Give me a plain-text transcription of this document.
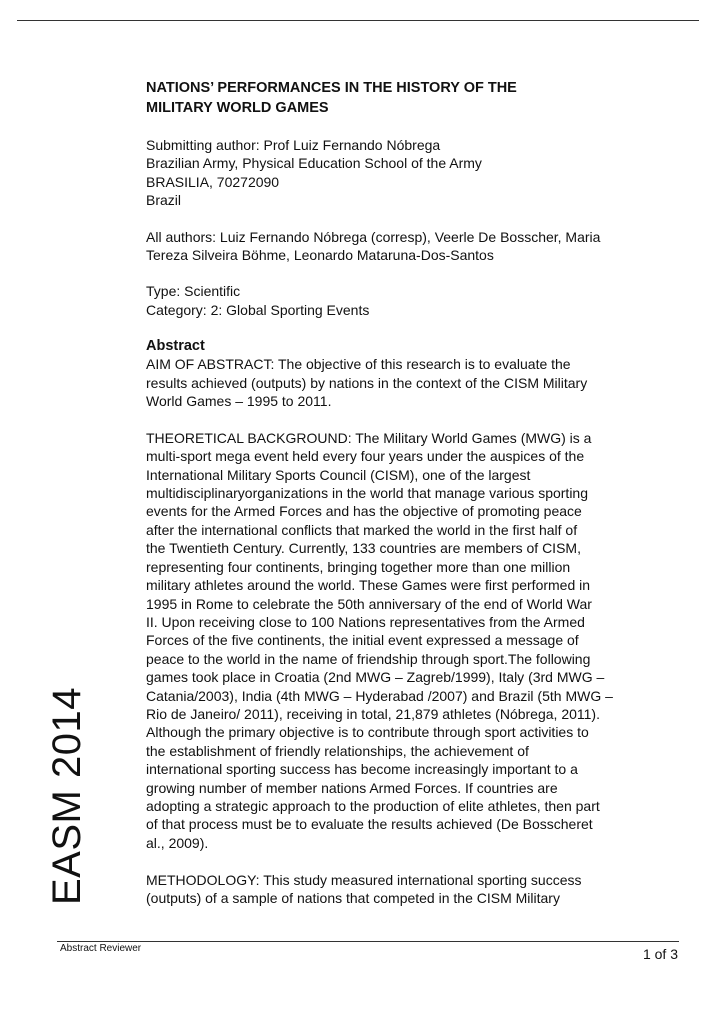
NATIONS’ PERFORMANCES IN THE HISTORY OF THE
MILITARY WORLD GAMES
Submitting author: Prof Luiz Fernando Nóbrega
Brazilian Army, Physical Education School of the Army
BRASILIA, 70272090
Brazil
All authors: Luiz Fernando Nóbrega (corresp), Veerle De Bosscher, Maria
Tereza Silveira Böhme, Leonardo Mataruna-Dos-Santos
Type: Scientific
Category: 2: Global Sporting Events
Abstract
AIM OF ABSTRACT: The objective of this research is to evaluate the
results achieved (outputs) by nations in the context of the CISM Military
World Games – 1995 to 2011.
THEORETICAL BACKGROUND: The Military World Games (MWG) is a
multi-sport mega event held every four years under the auspices of the
International Military Sports Council (CISM), one of the largest
multidisciplinaryorganizations in the world that manage various sporting
events for the Armed Forces and has the objective of promoting peace
after the international conflicts that marked the world in the first half of
the Twentieth Century. Currently, 133 countries are members of CISM,
representing four continents, bringing together more than one million
military athletes around the world. These Games were first performed in
1995 in Rome to celebrate the 50th anniversary of the end of World War
II. Upon receiving close to 100 Nations representatives from the Armed
Forces of the five continents, the initial event expressed a message of
peace to the world in the name of friendship through sport.The following
games took place in Croatia (2nd MWG – Zagreb/1999), Italy (3rd MWG –
Catania/2003), India (4th MWG – Hyderabad /2007) and Brazil (5th MWG –
Rio de Janeiro/ 2011), receiving in total, 21,879 athletes (Nóbrega, 2011).
Although the primary objective is to contribute through sport activities to
the establishment of friendly relationships, the achievement of
international sporting success has become increasingly important to a
growing number of member nations Armed Forces. If countries are
adopting a strategic approach to the production of elite athletes, then part
of that process must be to evaluate the results achieved (De Bosscheret
al., 2009).
METHODOLOGY: This study measured international sporting success
(outputs) of a sample of nations that competed in the CISM Military
EASM 2014
Abstract Reviewer	1 of 3
